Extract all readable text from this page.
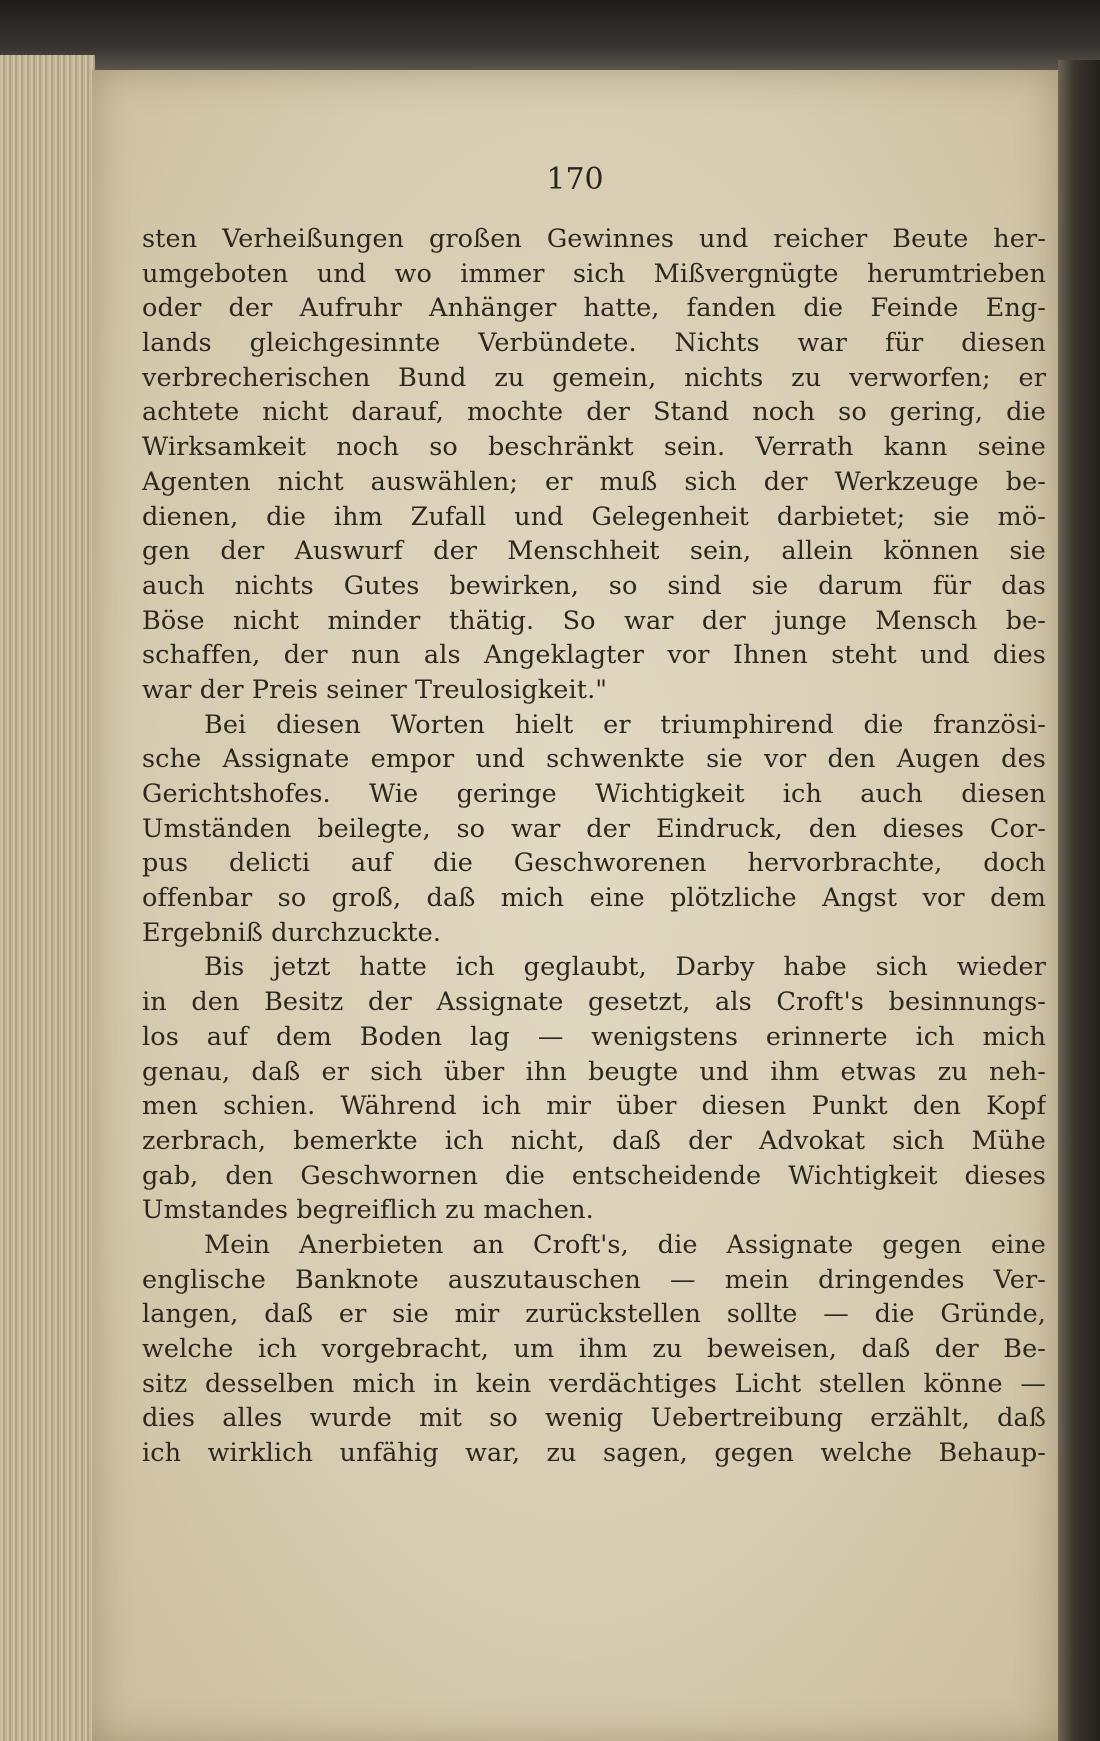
170
sten Verheißungen großen Gewinnes und reicher Beute her-
umgeboten und wo immer sich Mißvergnügte herumtrieben
oder der Aufruhr Anhänger hatte, fanden die Feinde Eng-
lands gleichgesinnte Verbündete. Nichts war für diesen
verbrecherischen Bund zu gemein, nichts zu verworfen; er
achtete nicht darauf, mochte der Stand noch so gering, die
Wirksamkeit noch so beschränkt sein. Verrath kann seine
Agenten nicht auswählen; er muß sich der Werkzeuge be-
dienen, die ihm Zufall und Gelegenheit darbietet; sie mö-
gen der Auswurf der Menschheit sein, allein können sie
auch nichts Gutes bewirken, so sind sie darum für das
Böse nicht minder thätig. So war der junge Mensch be-
schaffen, der nun als Angeklagter vor Ihnen steht und dies
war der Preis seiner Treulosigkeit."
Bei diesen Worten hielt er triumphirend die französi-
sche Assignate empor und schwenkte sie vor den Augen des
Gerichtshofes. Wie geringe Wichtigkeit ich auch diesen
Umständen beilegte, so war der Eindruck, den dieses Cor-
pus delicti auf die Geschworenen hervorbrachte, doch
offenbar so groß, daß mich eine plötzliche Angst vor dem
Ergebniß durchzuckte.
Bis jetzt hatte ich geglaubt, Darby habe sich wieder
in den Besitz der Assignate gesetzt, als Croft's besinnungs-
los auf dem Boden lag — wenigstens erinnerte ich mich
genau, daß er sich über ihn beugte und ihm etwas zu neh-
men schien. Während ich mir über diesen Punkt den Kopf
zerbrach, bemerkte ich nicht, daß der Advokat sich Mühe
gab, den Geschwornen die entscheidende Wichtigkeit dieses
Umstandes begreiflich zu machen.
Mein Anerbieten an Croft's, die Assignate gegen eine
englische Banknote auszutauschen — mein dringendes Ver-
langen, daß er sie mir zurückstellen sollte — die Gründe,
welche ich vorgebracht, um ihm zu beweisen, daß der Be-
sitz desselben mich in kein verdächtiges Licht stellen könne —
dies alles wurde mit so wenig Uebertreibung erzählt, daß
ich wirklich unfähig war, zu sagen, gegen welche Behaup-
